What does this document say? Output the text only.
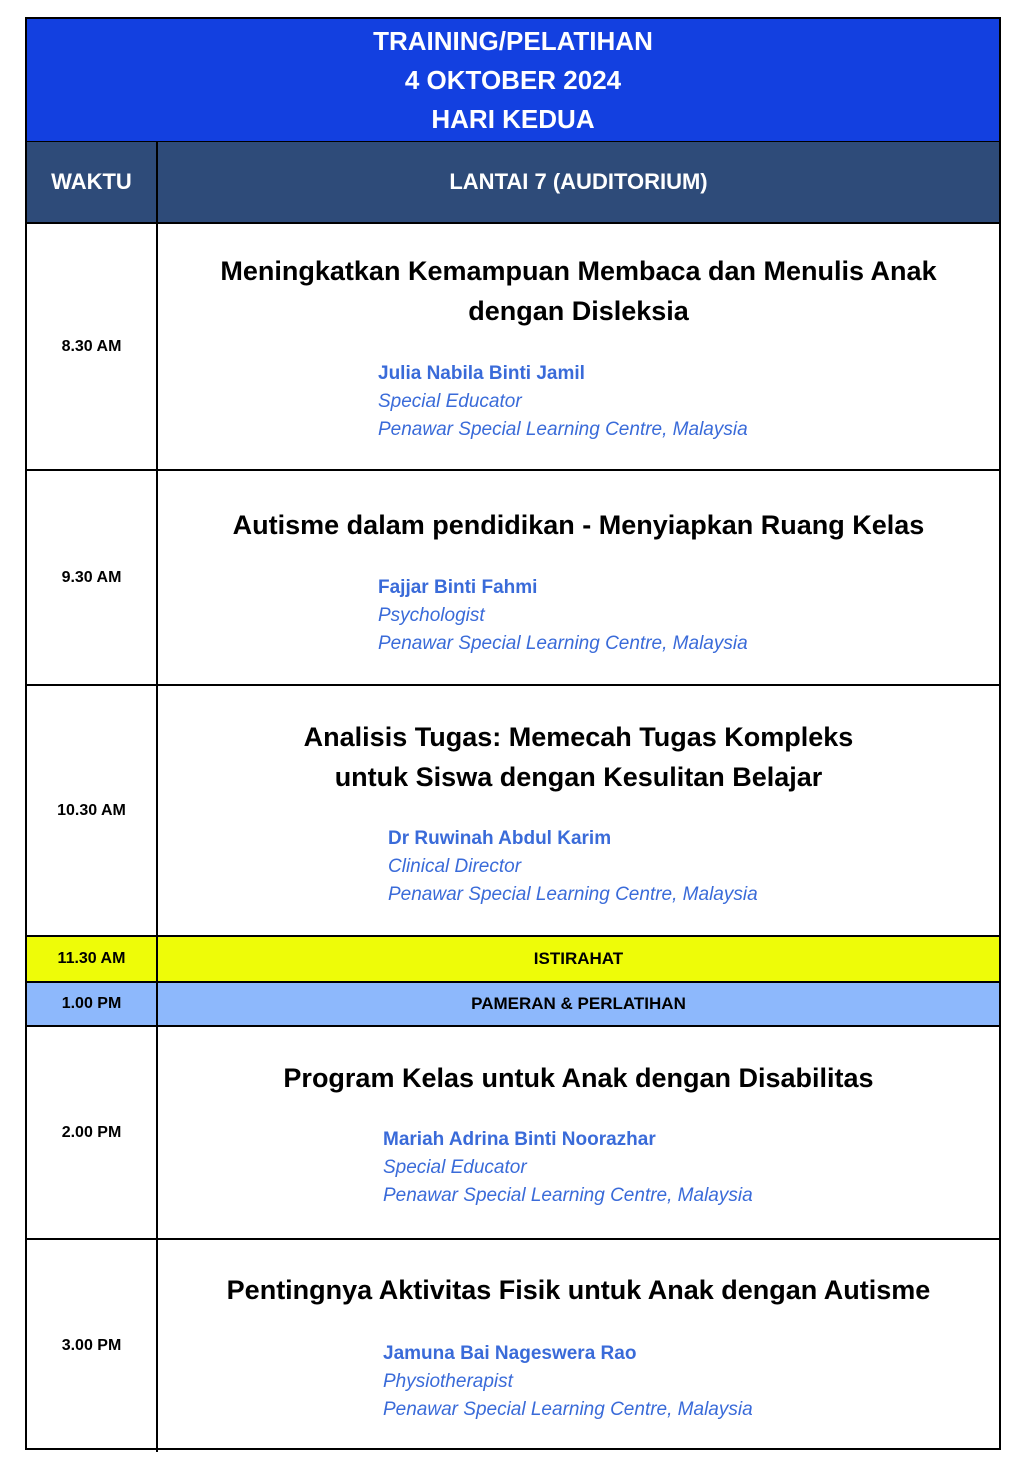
TRAINING/PELATIHAN
4 OKTOBER 2024
HARI KEDUA
WAKTU	LANTAI 7 (AUDITORIUM)
8.30 AM
Meningkatkan Kemampuan Membaca dan Menulis Anak
dengan Disleksia
Julia Nabila Binti Jamil
Special Educator
Penawar Special Learning Centre, Malaysia
9.30 AM
Autisme dalam pendidikan - Menyiapkan Ruang Kelas
Fajjar Binti Fahmi
Psychologist
Penawar Special Learning Centre, Malaysia
10.30 AM
Analisis Tugas: Memecah Tugas Kompleks
untuk Siswa dengan Kesulitan Belajar
Dr Ruwinah Abdul Karim
Clinical Director
Penawar Special Learning Centre, Malaysia
11.30 AM	ISTIRAHAT
1.00 PM	PAMERAN & PERLATIHAN
2.00 PM
Program Kelas untuk Anak dengan Disabilitas
Mariah Adrina Binti Noorazhar
Special Educator
Penawar Special Learning Centre, Malaysia
3.00 PM
Pentingnya Aktivitas Fisik untuk Anak dengan Autisme
Jamuna Bai Nageswera Rao
Physiotherapist
Penawar Special Learning Centre, Malaysia
